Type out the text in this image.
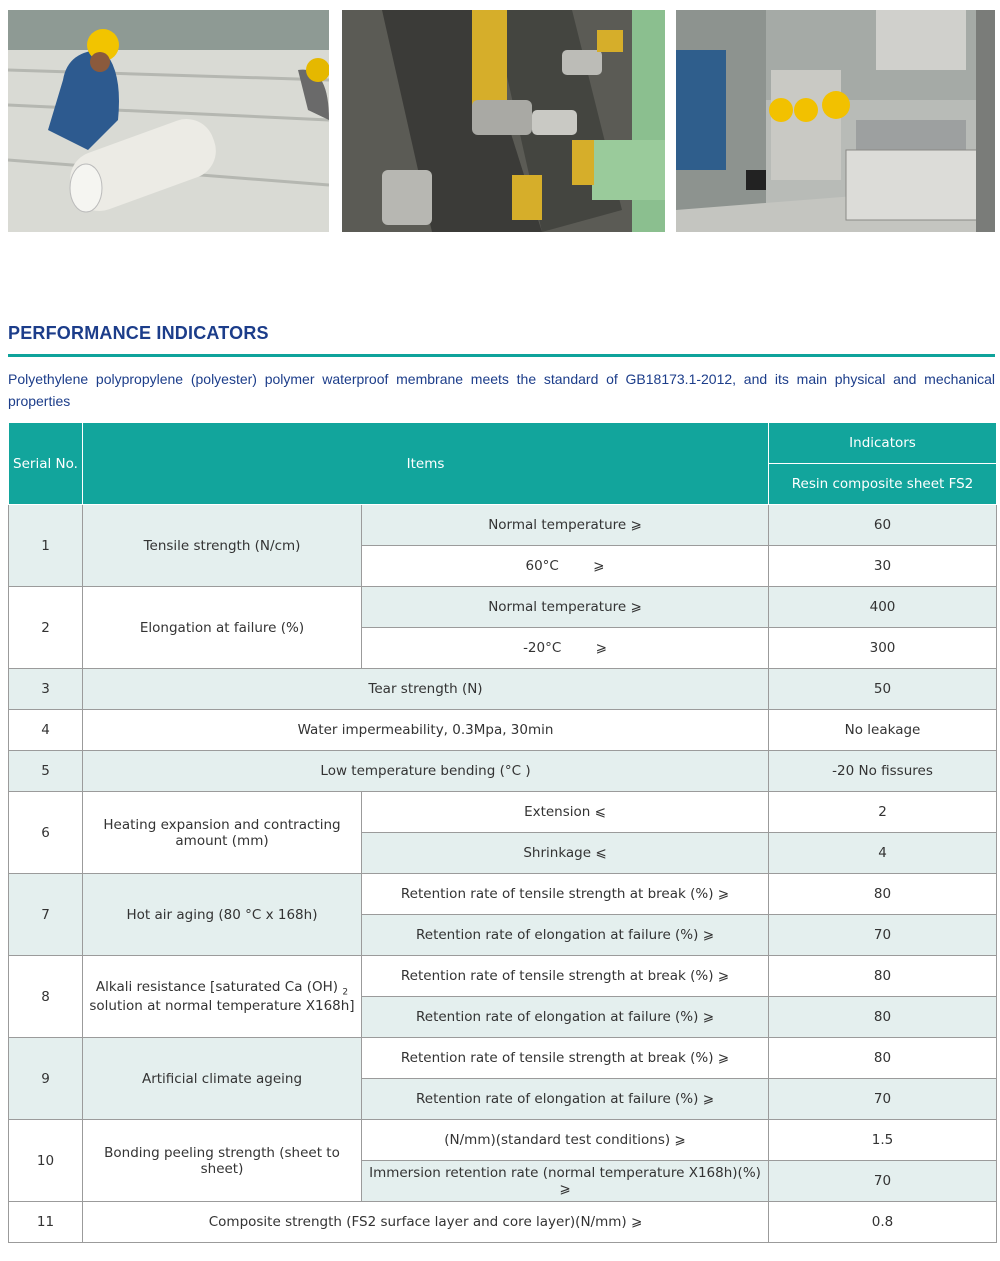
PERFORMANCE INDICATORS
Polyethylene polypropylene (polyester) polymer waterproof membrane meets the standard of GB18173.1-2012, and its main physical and mechanical properties
Serial No.	Items		Indicators
			Resin composite sheet FS2
1	Tensile strength (N/cm)	Normal temperature ⩾	60
		60°C        ⩾	30
2	Elongation at failure (%)	Normal temperature ⩾	400
		-20°C        ⩾	300
3	Tear strength (N)		50
4	Water impermeability, 0.3Mpa, 30min		No leakage
5	Low temperature bending (°C )		-20 No fissures
6	Heating expansion and contracting amount (mm)	Extension ⩽	2
		Shrinkage ⩽	4
7	Hot air aging (80 °C x 168h)	Retention rate of tensile strength at break (%) ⩾	80
		Retention rate of elongation at failure (%) ⩾	70
8	Alkali resistance [saturated Ca (OH) $_2$
solution at normal temperature X168h]	Retention rate of tensile strength at break (%) ⩾	80
		Retention rate of elongation at failure (%) ⩾	80
9	Artificial climate ageing	Retention rate of tensile strength at break (%) ⩾	80
		Retention rate of elongation at failure (%) ⩾	70
10	Bonding peeling strength (sheet to sheet)	(N/mm)(standard test conditions) ⩾	1.5
		Immersion retention rate (normal temperature X168h)(%) ⩾	70
11	Composite strength (FS2 surface layer and core layer)(N/mm) ⩾		0.8
